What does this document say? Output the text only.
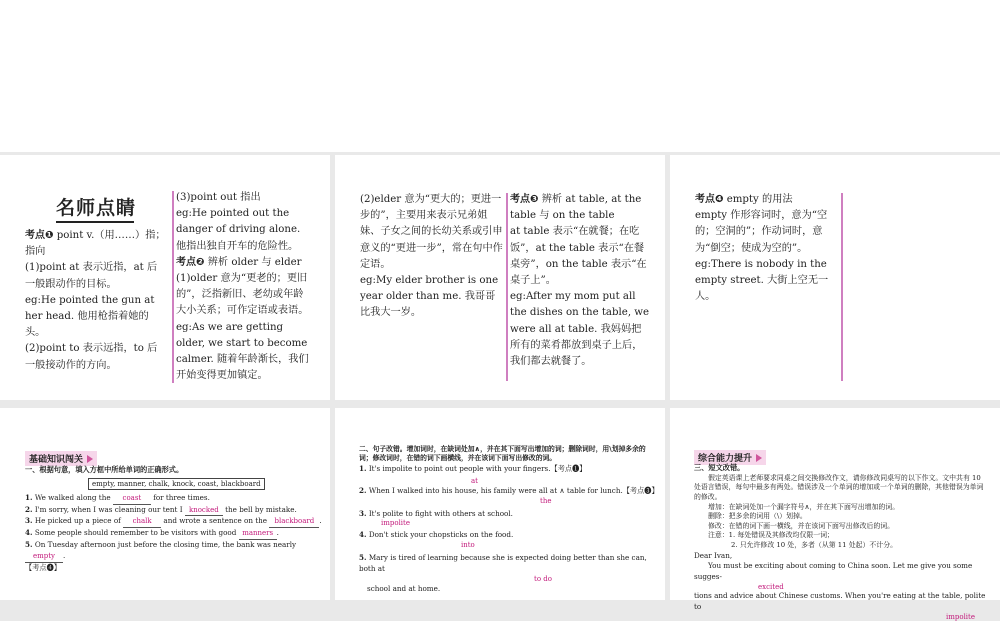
名师点睛

考点❶ point v.（用……）指；指向

(1)point at 表示近指，at 后一般跟动作的目标。

eg:He pointed the gun at her head. 他用枪指着她的头。

(2)point to 表示远指，to 后一般接动作的方向。

(3)point out 指出

eg:He pointed out the danger of driving alone. 他指出独自开车的危险性。

考点❷ 辨析 older 与 elder

(1)older 意为“更老的；更旧的”，泛指新旧、老幼或年龄大小关系；可作定语或表语。

eg:As we are getting older, we start to become calmer. 随着年龄渐长，我们开始变得更加镇定。

(2)elder 意为“更大的；更进一步的”，主要用来表示兄弟姐妹、子女之间的长幼关系或引申意义的“更进一步”，常在句中作定语。

eg:My elder brother is one year older than me. 我哥哥比我大一岁。

考点❸ 辨析 at table, at the table 与 on the table

at table 表示“在就餐；在吃饭”，at the table 表示“在餐桌旁”，on the table 表示“在桌子上”。

eg:After my mom put all the dishes on the table, we were all at table. 我妈妈把所有的菜肴都放到桌子上后，我们都去就餐了。

考点❹ empty 的用法

empty 作形容词时，意为“空的；空洞的”；作动词时，意为“倒空；使成为空的”。

eg:There is nobody in the empty street. 大街上空无一人。

基础知识闯关

一、根据句意，填入方框中所给单词的正确形式。

empty, manner, chalk, knock, coast, blackboard

1. We walked along the coast for three times.

2. I'm sorry, when I was cleaning our tent I knocked the bell by mistake.

3. He picked up a piece of chalk and wrote a sentence on the blackboard .

4. Some people should remember to be visitors with good manners .

5. On Tuesday afternoon just before the closing time, the bank was nearly empty .

【考点❹】

二、句子改错。增加词时，在缺词处加∧，并在其下面写出增加的词；删除词时，用\划掉多余的词；修改词时，在错的词下画横线，并在该词下面写出修改的词。

1. It's impolite to point out people with your fingers.【考点❶】

at

2. When I walked into his house, his family were all at ∧ table for lunch.【考点❸】

the

3. It's polite to fight with others at school.

impolite

4. Don't stick your chopsticks on the food.

into

5. Mary is tired of learning because she is expected doing better than she can, both at

to do

school and at home.

综合能力提升

三、短文改错。

假定英语课上老师要求同桌之间交换修改作文，请你修改同桌写的以下作文。文中共有 10 处语言错误，每句中最多有两处。错误涉及一个单词的增加或一个单词的删除，其他错误为单词的修改。

增加：在缺词处加一个漏字符号∧，并在其下面写出增加的词。

删除：把多余的词用（\）划掉。

修改：在错的词下画一横线，并在该词下面写出修改后的词。

注意：1. 每处错误及其修改均仅限一词；

2. 只允许修改 10 处，多者（从第 11 处起）不计分。

Dear Ivan,

You must be exciting about coming to China soon. Let me give you some sugges-

excited

tions and advice about Chinese customs. When you're eating at the table, polite to

impolite
